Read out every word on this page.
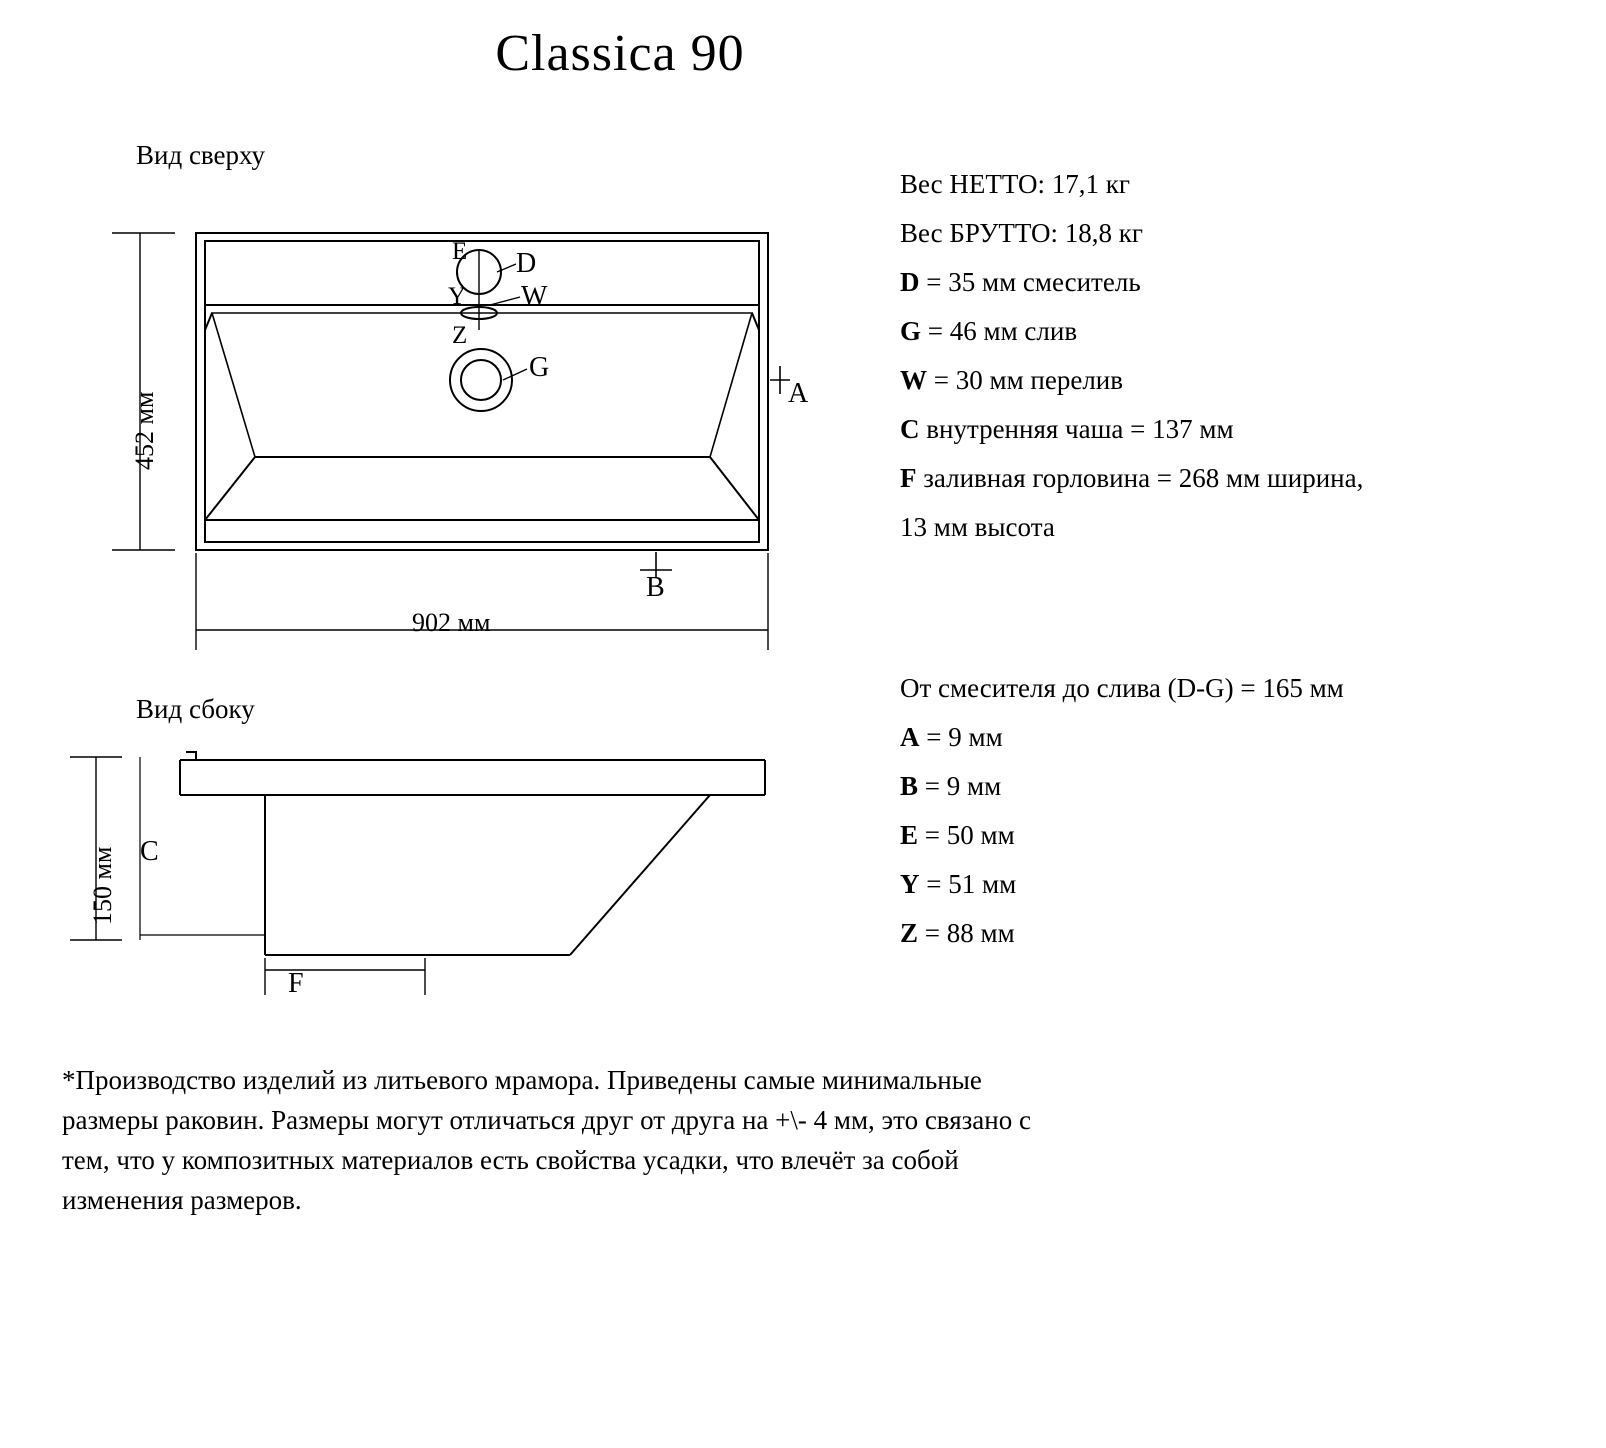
Classica 90
Вид сверху
Вид сбоку
452 мм
902 мм
E D
Y W
Z
G
A
B
150 мм C
F
Вес НЕТТО: 17,1 кг
Вес БРУТТО: 18,8 кг
D = 35 мм смеситель
G = 46 мм слив
W = 30 мм перелив
C внутренняя чаша = 137 мм
F заливная горловина = 268 мм ширина,
13 мм высота
От смесителя до слива (D-G) = 165 мм
A = 9 мм
B = 9 мм
E = 50 мм
Y = 51 мм
Z = 88 мм
*Производство изделий из литьевого мрамора. Приведены самые минимальные размеры раковин. Размеры могут отличаться друг от друга на +\- 4 мм, это связано с тем, что у композитных материалов есть свойства усадки, что влечёт за собой изменения размеров.
